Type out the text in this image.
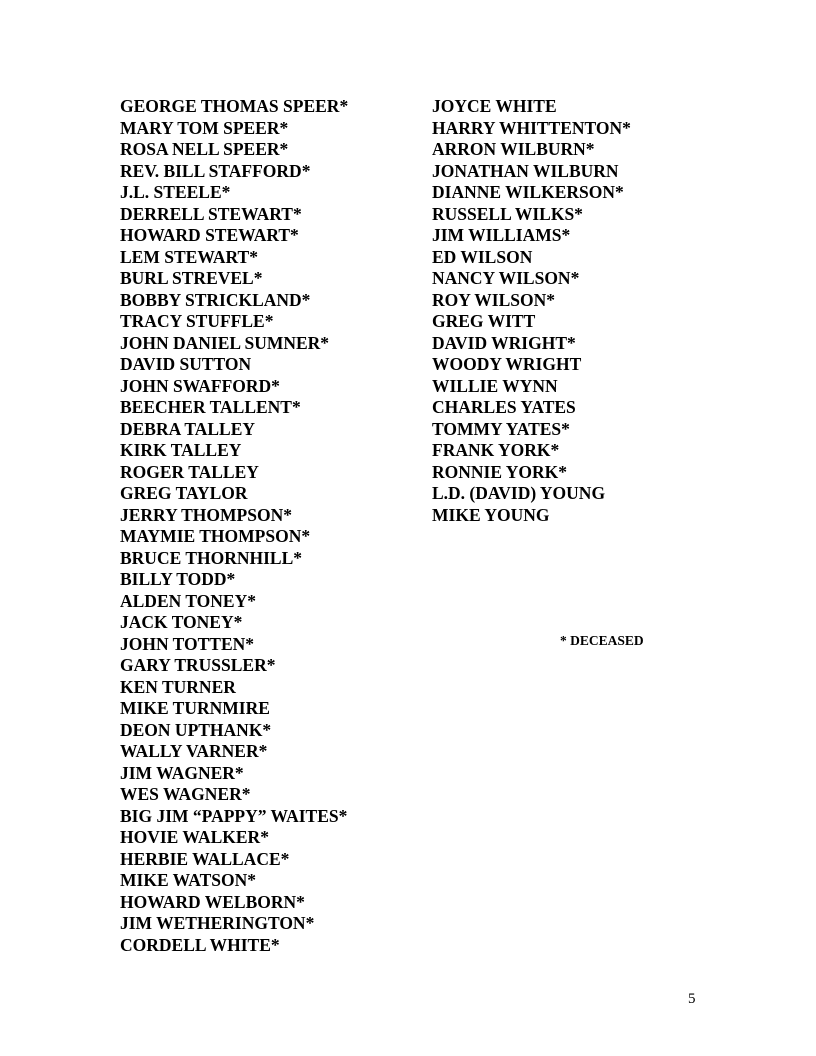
GEORGE THOMAS SPEER*
MARY TOM SPEER*
ROSA NELL SPEER*
REV. BILL STAFFORD*
J.L. STEELE*
DERRELL STEWART*
HOWARD STEWART*
LEM STEWART*
BURL STREVEL*
BOBBY STRICKLAND*
TRACY STUFFLE*
JOHN DANIEL SUMNER*
DAVID SUTTON
JOHN SWAFFORD*
BEECHER TALLENT*
DEBRA TALLEY
KIRK TALLEY
ROGER TALLEY
GREG TAYLOR
JERRY THOMPSON*
MAYMIE THOMPSON*
BRUCE THORNHILL*
BILLY TODD*
ALDEN TONEY*
JACK TONEY*
JOHN TOTTEN*
GARY TRUSSLER*
KEN TURNER
MIKE TURNMIRE
DEON UPTHANK*
WALLY VARNER*
JIM WAGNER*
WES WAGNER*
BIG JIM “PAPPY” WAITES*
HOVIE WALKER*
HERBIE WALLACE*
MIKE WATSON*
HOWARD WELBORN*
JIM WETHERINGTON*
CORDELL WHITE*
JOYCE WHITE
HARRY WHITTENTON*
ARRON WILBURN*
JONATHAN WILBURN
DIANNE WILKERSON*
RUSSELL WILKS*
JIM WILLIAMS*
ED WILSON
NANCY WILSON*
ROY WILSON*
GREG WITT
DAVID WRIGHT*
WOODY WRIGHT
WILLIE WYNN
CHARLES YATES
TOMMY YATES*
FRANK YORK*
RONNIE YORK*
L.D. (DAVID) YOUNG
MIKE YOUNG
* DECEASED
5
